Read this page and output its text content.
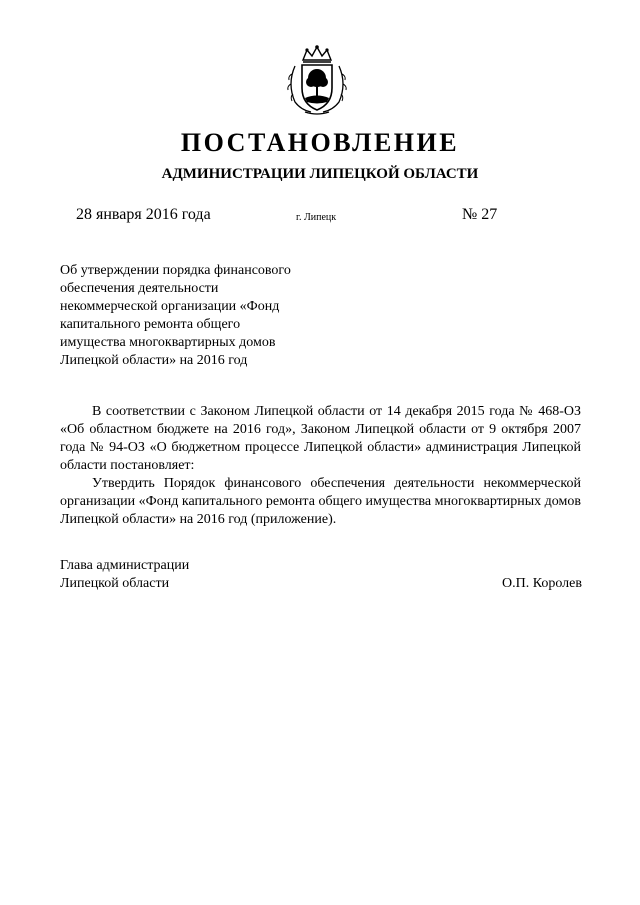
ПОСТАНОВЛЕНИЕ
АДМИНИСТРАЦИИ ЛИПЕЦКОЙ ОБЛАСТИ
28 января 2016 года	г. Липецк	№ 27
Об утверждении порядка финансового
обеспечения деятельности
некоммерческой организации «Фонд
капитального ремонта общего
имущества многоквартирных домов
Липецкой области» на 2016 год

В соответствии с Законом Липецкой области от 14 декабря 2015 года № 468-ОЗ «Об областном бюджете на 2016 год», Законом Липецкой области от 9 октября 2007 года № 94-ОЗ «О бюджетном процессе Липецкой области» администрация Липецкой области постановляет:

Утвердить Порядок финансового обеспечения деятельности некоммерческой организации «Фонд капитального ремонта общего имущества многоквартирных домов Липецкой области» на 2016 год (приложение).

Глава администрации
Липецкой области	О.П. Королев
